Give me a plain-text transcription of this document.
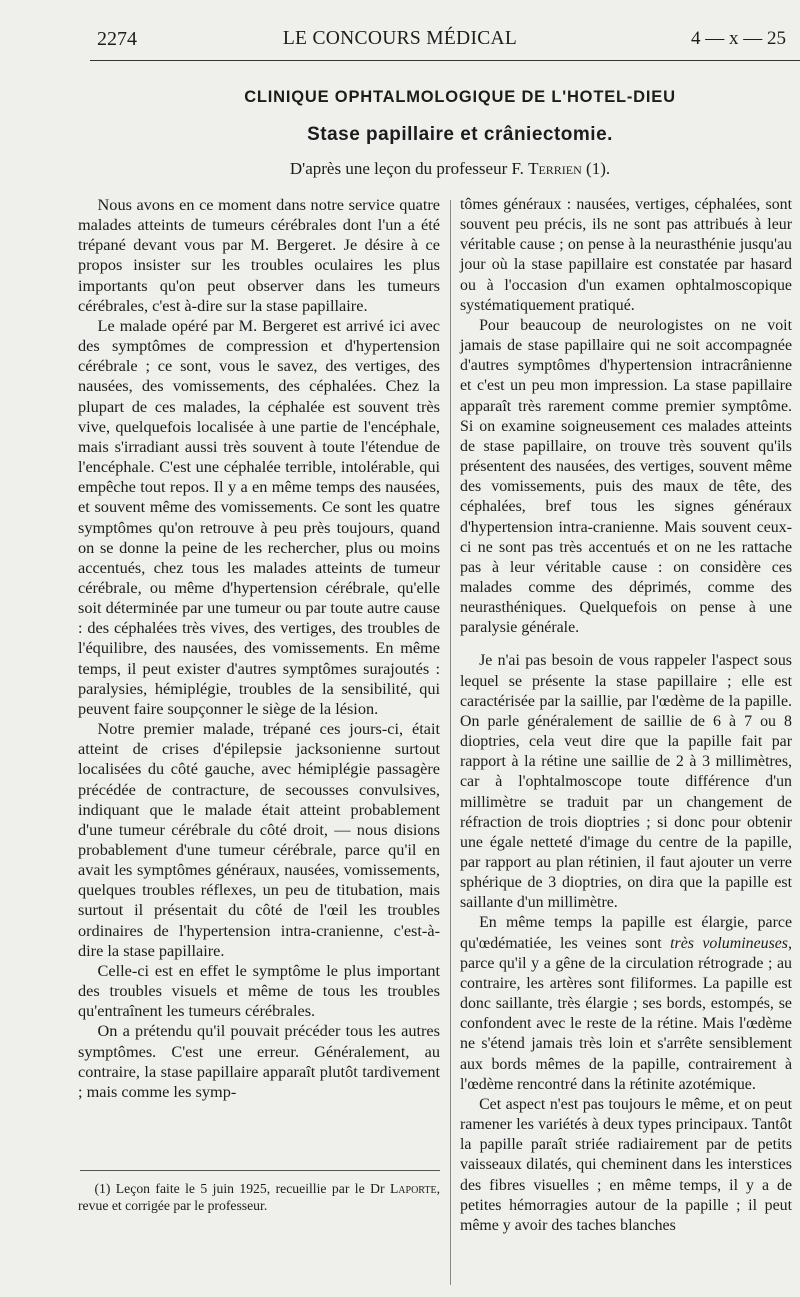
2274	LE CONCOURS MÉDICAL	4 — x — 25
CLINIQUE OPHTALMOLOGIQUE DE L'HOTEL-DIEU
Stase papillaire et crâniectomie.
D'après une leçon du professeur F. Terrien (1).

Nous avons en ce moment dans notre service quatre malades atteints de tumeurs cérébrales dont l'un a été trépané devant vous par M. Bergeret. Je désire à ce propos insister sur les troubles oculaires les plus importants qu'on peut observer dans les tumeurs cérébrales, c'est à-dire sur la stase papillaire.

Le malade opéré par M. Bergeret est arrivé ici avec des symptômes de compression et d'hypertension cérébrale ; ce sont, vous le savez, des vertiges, des nausées, des vomissements, des céphalées. Chez la plupart de ces malades, la céphalée est souvent très vive, quelquefois localisée à une partie de l'encéphale, mais s'irradiant aussi très souvent à toute l'étendue de l'encéphale. C'est une céphalée terrible, intolérable, qui empêche tout repos. Il y a en même temps des nausées, et souvent même des vomissements. Ce sont les quatre symptômes qu'on retrouve à peu près toujours, quand on se donne la peine de les rechercher, plus ou moins accentués, chez tous les malades atteints de tumeur cérébrale, ou même d'hypertension cérébrale, qu'elle soit déterminée par une tumeur ou par toute autre cause : des céphalées très vives, des vertiges, des troubles de l'équilibre, des nausées, des vomissements. En même temps, il peut exister d'autres symptômes surajoutés : paralysies, hémiplégie, troubles de la sensibilité, qui peuvent faire soupçonner le siège de la lésion.

Notre premier malade, trépané ces jours-ci, était atteint de crises d'épilepsie jacksonienne surtout localisées du côté gauche, avec hémiplégie passagère précédée de contracture, de secousses convulsives, indiquant que le malade était atteint probablement d'une tumeur cérébrale du côté droit, — nous disions probablement d'une tumeur cérébrale, parce qu'il en avait les symptômes généraux, nausées, vomissements, quelques troubles réflexes, un peu de titubation, mais surtout il présentait du côté de l'œil les troubles ordinaires de l'hypertension intra-cranienne, c'est-à-dire la stase papillaire.

Celle-ci est en effet le symptôme le plus important des troubles visuels et même de tous les troubles qu'entraînent les tumeurs cérébrales.

On a prétendu qu'il pouvait précéder tous les autres symptômes. C'est une erreur. Généralement, au contraire, la stase papillaire apparaît plutôt tardivement ; mais comme les symp-

tômes généraux : nausées, vertiges, céphalées, sont souvent peu précis, ils ne sont pas attribués à leur véritable cause ; on pense à la neurasthénie jusqu'au jour où la stase papillaire est constatée par hasard ou à l'occasion d'un examen ophtalmoscopique systématiquement pratiqué.

Pour beaucoup de neurologistes on ne voit jamais de stase papillaire qui ne soit accompagnée d'autres symptômes d'hypertension intracrânienne et c'est un peu mon impression. La stase papillaire apparaît très rarement comme premier symptôme. Si on examine soigneusement ces malades atteints de stase papillaire, on trouve très souvent qu'ils présentent des nausées, des vertiges, souvent même des vomissements, puis des maux de tête, des céphalées, bref tous les signes généraux d'hypertension intra-cranienne. Mais souvent ceux-ci ne sont pas très accentués et on ne les rattache pas à leur véritable cause : on considère ces malades comme des déprimés, comme des neurasthéniques. Quelquefois on pense à une paralysie générale.

Je n'ai pas besoin de vous rappeler l'aspect sous lequel se présente la stase papillaire ; elle est caractérisée par la saillie, par l'œdème de la papille. On parle généralement de saillie de 6 à 7 ou 8 dioptries, cela veut dire que la papille fait par rapport à la rétine une saillie de 2 à 3 millimètres, car à l'ophtalmoscope toute différence d'un millimètre se traduit par un changement de réfraction de trois dioptries ; si donc pour obtenir une égale netteté d'image du centre de la papille, par rapport au plan rétinien, il faut ajouter un verre sphérique de 3 dioptries, on dira que la papille est saillante d'un millimètre.

En même temps la papille est élargie, parce qu'œdématiée, les veines sont très volumineuses, parce qu'il y a gêne de la circulation rétrograde ; au contraire, les artères sont filiformes. La papille est donc saillante, très élargie ; ses bords, estompés, se confondent avec le reste de la rétine. Mais l'œdème ne s'étend jamais très loin et s'arrête sensiblement aux bords mêmes de la papille, contrairement à l'œdème rencontré dans la rétinite azotémique.

Cet aspect n'est pas toujours le même, et on peut ramener les variétés à deux types principaux. Tantôt la papille paraît striée radiairement par de petits vaisseaux dilatés, qui cheminent dans les interstices des fibres visuelles ; en même temps, il y a de petites hémorragies autour de la papille ; il peut même y avoir des taches blanches

(1) Leçon faite le 5 juin 1925, recueillie par le Dr Laporte, revue et corrigée par le professeur.
